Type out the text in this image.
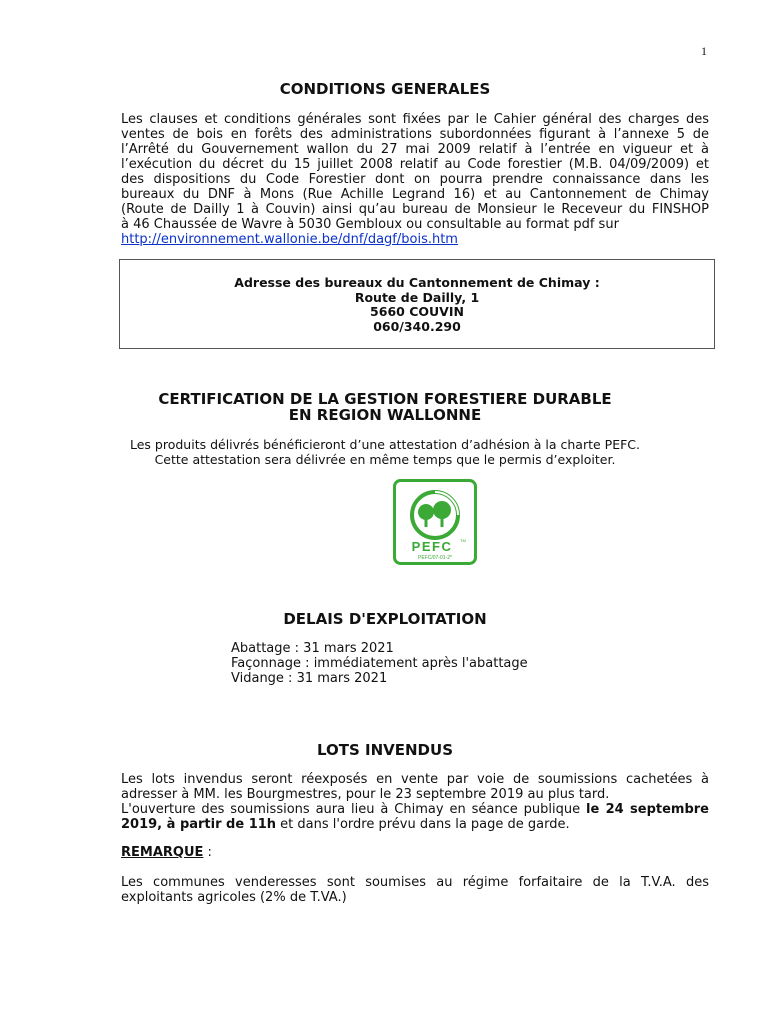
1
CONDITIONS GENERALES
Les clauses et conditions générales sont fixées par le Cahier général des charges des
ventes de bois en forêts des administrations subordonnées figurant à l’annexe 5 de
l’Arrêté du Gouvernement wallon du 27 mai 2009 relatif à l’entrée en vigueur et à
l’exécution du décret du 15 juillet 2008 relatif au Code forestier (M.B. 04/09/2009) et
des dispositions du Code Forestier dont on pourra prendre connaissance dans les
bureaux du DNF à Mons (Rue Achille Legrand 16) et au Cantonnement de Chimay
(Route de Dailly 1 à Couvin) ainsi qu’au bureau de Monsieur le Receveur du FINSHOP
à 46 Chaussée de Wavre à 5030 Gembloux ou consultable au format pdf sur
http://environnement.wallonie.be/dnf/dagf/bois.htm
Adresse des bureaux du Cantonnement de Chimay :
Route de Dailly, 1
5660 COUVIN
060/340.290
CERTIFICATION DE LA GESTION FORESTIERE DURABLE
EN REGION WALLONNE

Les produits délivrés bénéficieront d’une attestation d’adhésion à la charte PEFC.
Cette attestation sera délivrée en même temps que le permis d’exploiter.

PEFC TM
PEFC/07-01-2*
DELAIS D'EXPLOITATION
Abattage : 31 mars 2021
Façonnage : immédiatement après l'abattage
Vidange : 31 mars 2021
LOTS INVENDUS
Les lots invendus seront réexposés en vente par voie de soumissions cachetées à
adresser à MM. les Bourgmestres, pour le 23 septembre 2019 au plus tard.
L'ouverture des soumissions aura lieu à Chimay en séance publique le 24 septembre
2019, à partir de 11h et dans l'ordre prévu dans la page de garde.
REMARQUE :
Les communes venderesses sont soumises au régime forfaitaire de la T.V.A. des
exploitants agricoles (2% de T.VA.)
